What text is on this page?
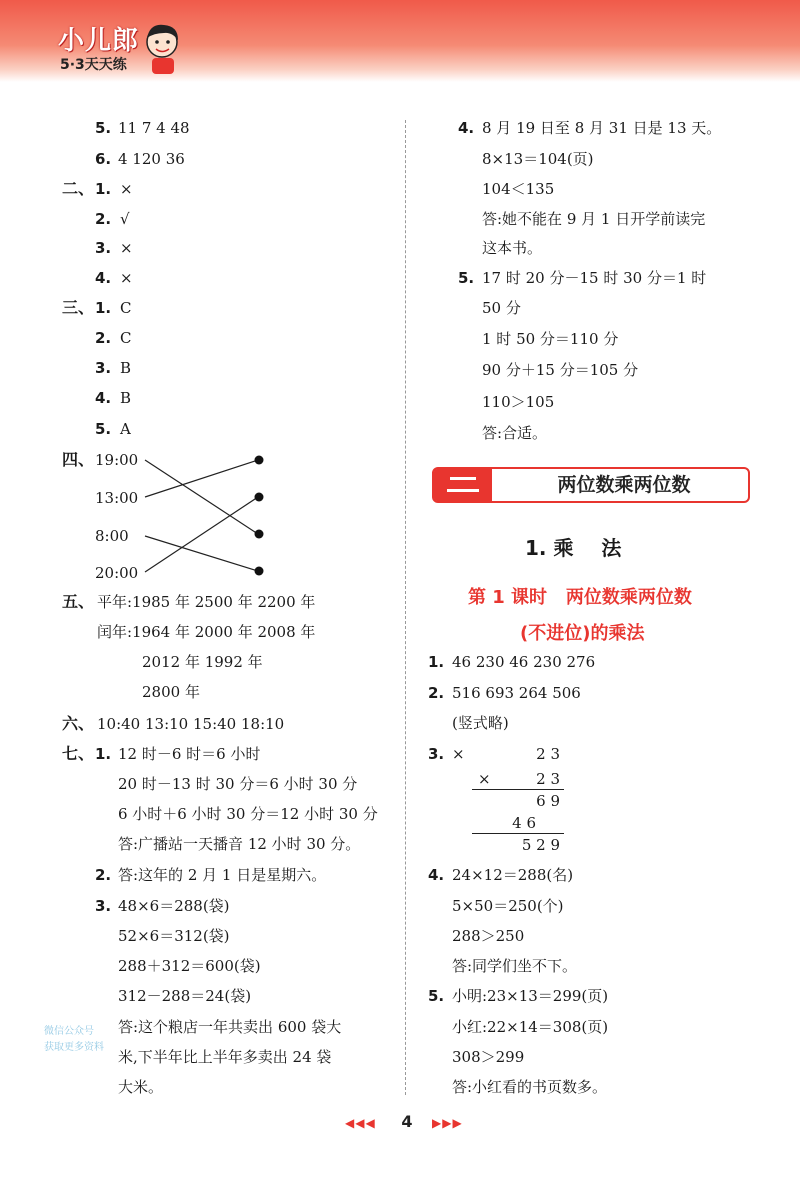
小儿郎
5·3天天练
5. 11 7 4 48
6. 4 120 36
二、 1. ×
2. √
3. ×
4. ×
三、 1. C
2. C
3. B
4. B
5. A
四、 19:00
13:00
8:00
20:00
五、 平年:1985 年 2500 年 2200 年
闰年:1964 年 2000 年 2008 年
2012 年 1992 年
2800 年
六、 10:40 13:10 15:40 18:10
七、 1. 12 时－6 时＝6 小时
20 时－13 时 30 分＝6 小时 30 分
6 小时＋6 小时 30 分＝12 小时 30 分
答:广播站一天播音 12 小时 30 分。
2. 答:这年的 2 月 1 日是星期六。
3. 48×6＝288(袋)
52×6＝312(袋)
288＋312＝600(袋)
312－288＝24(袋)
答:这个粮店一年共卖出 600 袋大
米,下半年比上半年多卖出 24 袋
大米。
微信公众号
获取更多资料
4. 8 月 19 日至 8 月 31 日是 13 天。
8×13＝104(页)
104＜135
答:她不能在 9 月 1 日开学前读完
这本书。
5. 17 时 20 分－15 时 30 分＝1 时
50 分
1 时 50 分＝110 分
90 分＋15 分＝105 分
110＞105
答:合适。
两位数乘两位数
1. 乘    法
第 1 课时   两位数乘两位数
(不进位)的乘法
1. 46 230 46 230 276
2. 516 693 264 506
(竖式略)
3. ×	2 3
×	2 3
6 9
4 6
5 2 9
4. 24×12＝288(名)
5×50＝250(个)
288＞250
答:同学们坐不下。
5. 小明:23×13＝299(页)
小红:22×14＝308(页)
308＞299
答:小红看的书页数多。
◀◀◀	4	▶▶▶
